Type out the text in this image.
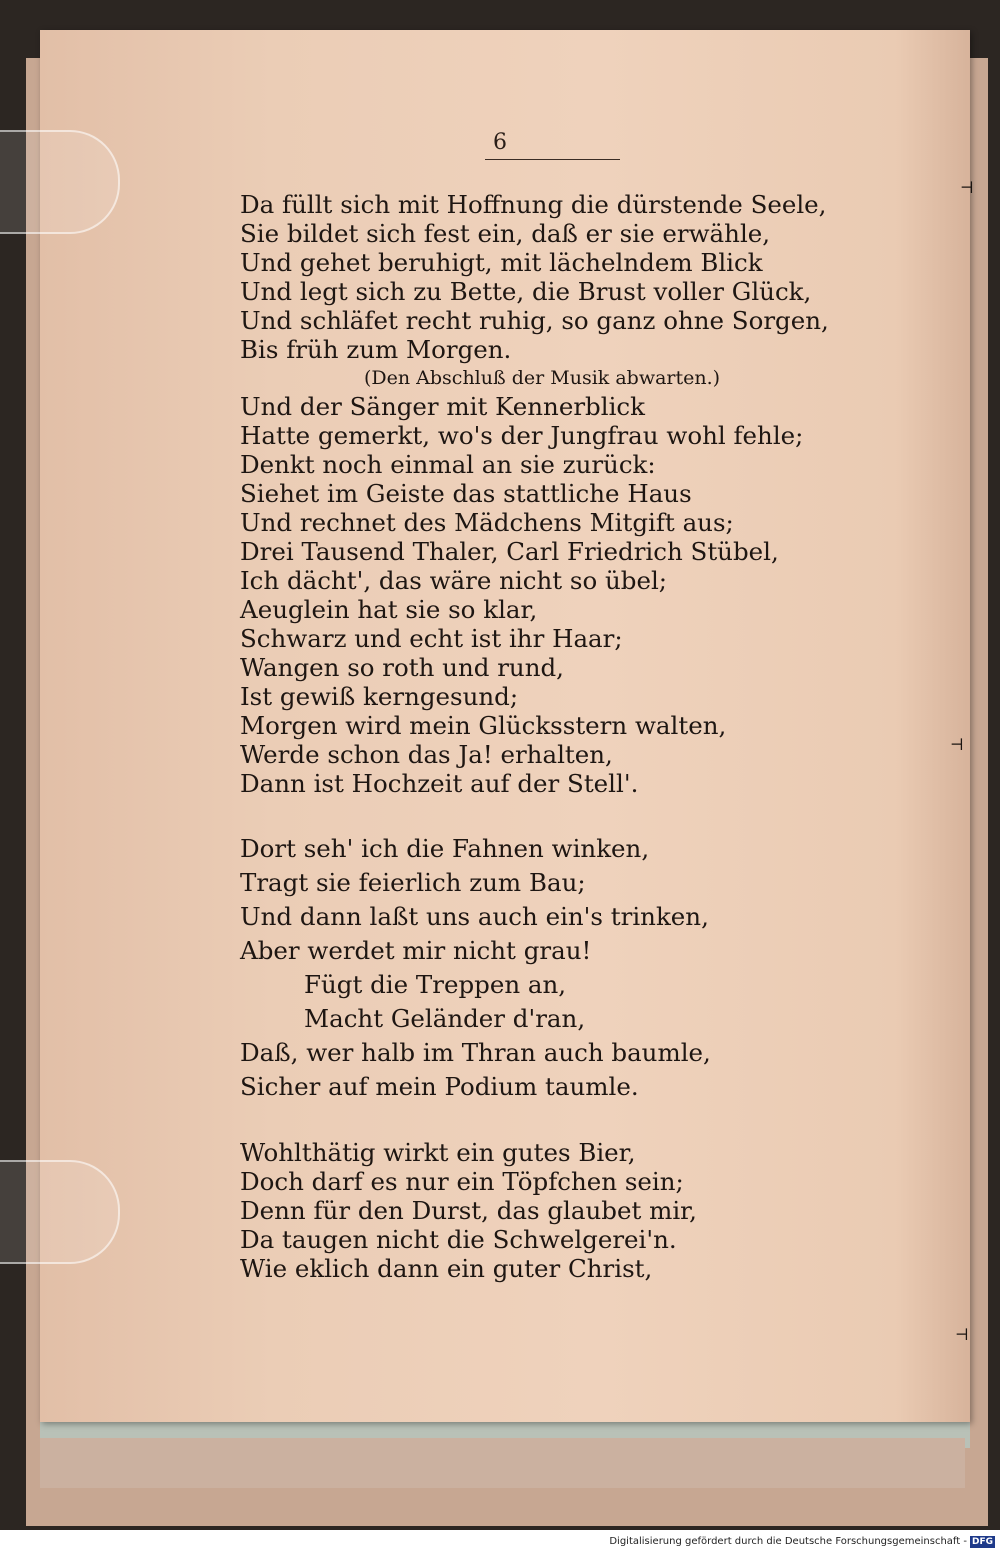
⊣
⊣
⊣

6

Da füllt sich mit Hoffnung die dürstende Seele,

Sie bildet sich fest ein, daß er sie erwähle,

Und gehet beruhigt, mit lächelndem Blick

Und legt sich zu Bette, die Brust voller Glück,

Und schläfet recht ruhig, so ganz ohne Sorgen,

Bis früh zum Morgen.

(Den Abschluß der Musik abwarten.)

Und der Sänger mit Kennerblick

Hatte gemerkt, wo's der Jungfrau wohl fehle;

Denkt noch einmal an sie zurück:

Siehet im Geiste das stattliche Haus

Und rechnet des Mädchens Mitgift aus;

Drei Tausend Thaler, Carl Friedrich Stübel,

Ich dächt', das wäre nicht so übel;

Aeuglein hat sie so klar,

Schwarz und echt ist ihr Haar;

Wangen so roth und rund,

Ist gewiß kerngesund;

Morgen wird mein Glücksstern walten,

Werde schon das Ja! erhalten,

Dann ist Hochzeit auf der Stell'.

Dort seh' ich die Fahnen winken,

Tragt sie feierlich zum Bau;

Und dann laßt uns auch ein's trinken,

Aber werdet mir nicht grau!

Fügt die Treppen an,

Macht Geländer d'ran,

Daß, wer halb im Thran auch baumle,

Sicher auf mein Podium taumle.

Wohlthätig wirkt ein gutes Bier,

Doch darf es nur ein Töpfchen sein;

Denn für den Durst, das glaubet mir,

Da taugen nicht die Schwelgerei'n.

Wie eklich dann ein guter Christ,

Digitalisierung gefördert durch die Deutsche Forschungsgemeinschaft - DFG
